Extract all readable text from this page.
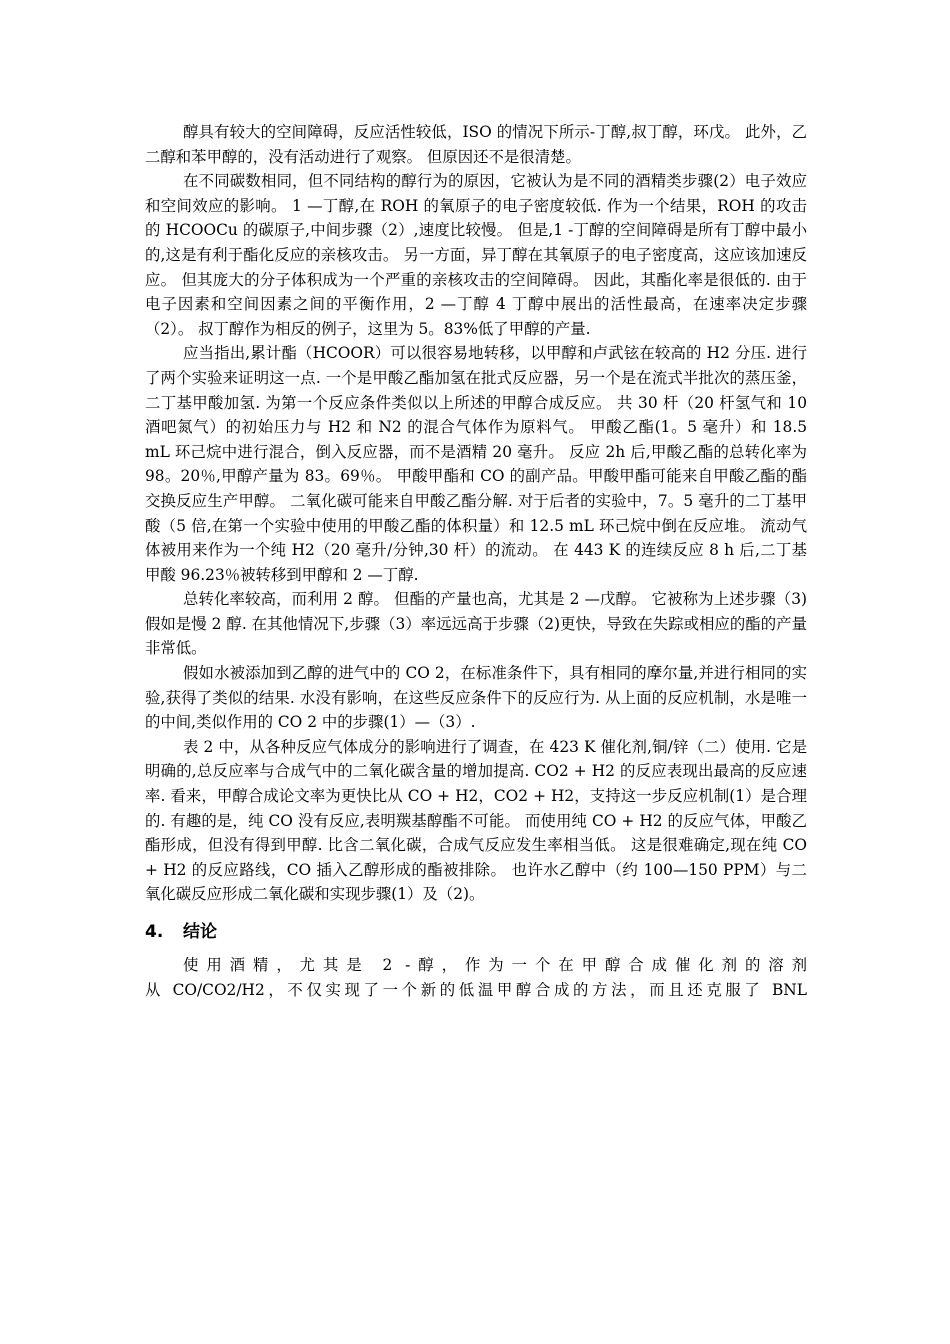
醇具有较大的空间障碍，反应活性较低，ISO 的情况下所示-丁醇,叔丁醇，环戊。 此外，乙二醇和苯甲醇的，没有活动进行了观察。 但原因还不是很清楚。

在不同碳数相同，但不同结构的醇行为的原因，它被认为是不同的酒精类步骤(2）电子效应和空间效应的影响。 1 —丁醇,在 ROH 的氧原子的电子密度较低. 作为一个结果，ROH 的攻击的 HCOOCu 的碳原子,中间步骤（2）,速度比较慢。 但是,1 -丁醇的空间障碍是所有丁醇中最小的,这是有利于酯化反应的亲核攻击。 另一方面，异丁醇在其氧原子的电子密度高，这应该加速反应。 但其庞大的分子体积成为一个严重的亲核攻击的空间障碍。 因此，其酯化率是很低的. 由于电子因素和空间因素之间的平衡作用，2 —丁醇 4 丁醇中展出的活性最高，在速率决定步骤（2）。 叔丁醇作为相反的例子，这里为 5。83%低了甲醇的产量.

应当指出,累计酯（HCOOR）可以很容易地转移，以甲醇和卢武铉在较高的 H2 分压. 进行了两个实验来证明这一点. 一个是甲酸乙酯加氢在批式反应器，另一个是在流式半批次的蒸压釜，二丁基甲酸加氢. 为第一个反应条件类似以上所述的甲醇合成反应。 共 30 杆（20 杆氢气和 10 酒吧氮气）的初始压力与 H2 和 N2 的混合气体作为原料气。 甲酸乙酯(1。5 毫升）和 18.5 mL 环己烷中进行混合，倒入反应器，而不是酒精 20 毫升。 反应 2h 后,甲酸乙酯的总转化率为 98。20％,甲醇产量为 83。69％。 甲酸甲酯和 CO 的副产品。甲酸甲酯可能来自甲酸乙酯的酯交换反应生产甲醇。 二氧化碳可能来自甲酸乙酯分解. 对于后者的实验中，7。5 毫升的二丁基甲酸（5 倍,在第一个实验中使用的甲酸乙酯的体积量）和 12.5 mL 环己烷中倒在反应堆。 流动气体被用来作为一个纯 H2（20 毫升/分钟,30 杆）的流动。 在 443 K 的连续反应 8 h 后,二丁基甲酸 96.23％被转移到甲醇和 2 —丁醇.

总转化率较高，而利用 2 醇。 但酯的产量也高，尤其是 2 —戊醇。 它被称为上述步骤（3)假如是慢 2 醇. 在其他情况下,步骤（3）率远远高于步骤（2)更快，导致在失踪或相应的酯的产量非常低。

假如水被添加到乙醇的进气中的 CO 2，在标准条件下，具有相同的摩尔量,并进行相同的实验,获得了类似的结果. 水没有影响，在这些反应条件下的反应行为. 从上面的反应机制，水是唯一的中间,类似作用的 CO 2 中的步骤(1）—（3）.

表 2 中，从各种反应气体成分的影响进行了调查，在 423 K 催化剂,铜/锌（二）使用. 它是明确的,总反应率与合成气中的二氧化碳含量的增加提高. CO2 + H2 的反应表现出最高的反应速率. 看来，甲醇合成论文率为更快比从 CO + H2，CO2 + H2，支持这一步反应机制(1）是合理的. 有趣的是，纯 CO 没有反应,表明羰基醇酯不可能。 而使用纯 CO + H2 的反应气体，甲酸乙酯形成，但没有得到甲醇. 比含二氧化碳，合成气反应发生率相当低。 这是很难确定,现在纯 CO + H2 的反应路线，CO 插入乙醇形成的酯被排除。 也许水乙醇中（约 100—150 PPM）与二氧化碳反应形成二氧化碳和实现步骤(1）及（2)。

4. 结论

使用酒精，尤其是 2 -醇，作为一个在甲醇合成催化剂的溶剂

从 CO/CO2/H2，不仅实现了一个新的低温甲醇合成的方法，而且还克服了 BNL
